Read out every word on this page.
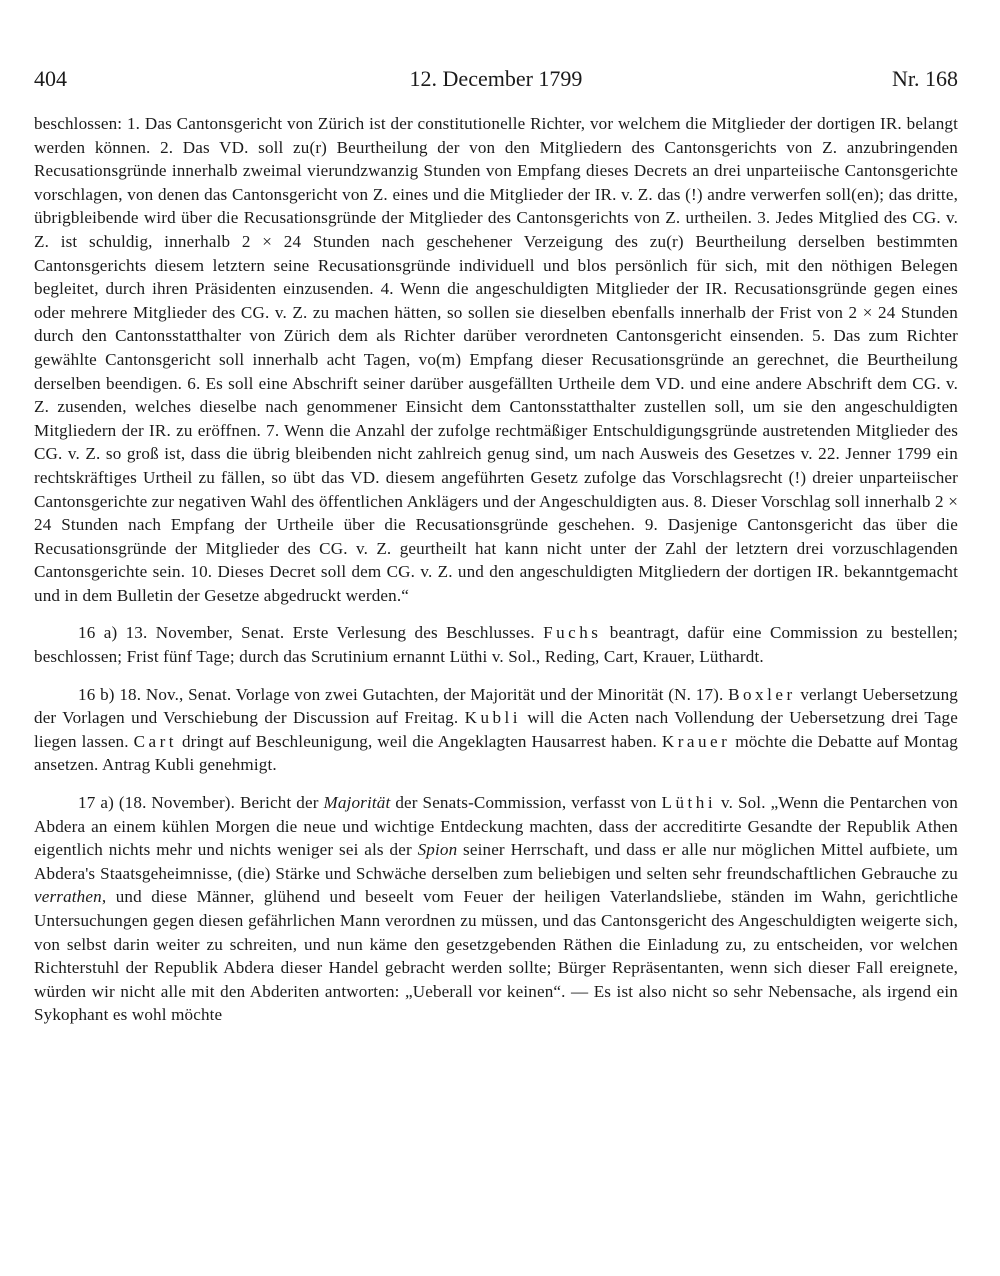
404	12. December 1799	Nr. 168

beschlossen: 1. Das Cantonsgericht von Zürich ist der constitutionelle Richter, vor welchem die Mitglieder der dortigen IR. belangt werden können. 2. Das VD. soll zu(r) Beurtheilung der von den Mitgliedern des Cantonsgerichts von Z. anzubringenden Recusationsgründe innerhalb zweimal vierundzwanzig Stunden von Empfang dieses Decrets an drei unparteiische Cantonsgerichte vorschlagen, von denen das Cantonsgericht von Z. eines und die Mitglieder der IR. v. Z. das (!) andre verwerfen soll(en); das dritte, übrigbleibende wird über die Recusationsgründe der Mitglieder des Cantonsgerichts von Z. urtheilen. 3. Jedes Mitglied des CG. v. Z. ist schuldig, innerhalb 2 × 24 Stunden nach geschehener Verzeigung des zu(r) Beurtheilung derselben bestimmten Cantonsgerichts diesem letztern seine Recusationsgründe individuell und blos persönlich für sich, mit den nöthigen Belegen begleitet, durch ihren Präsidenten einzusenden. 4. Wenn die angeschuldigten Mitglieder der IR. Recusationsgründe gegen eines oder mehrere Mitglieder des CG. v. Z. zu machen hätten, so sollen sie dieselben ebenfalls innerhalb der Frist von 2 × 24 Stunden durch den Cantonsstatthalter von Zürich dem als Richter darüber verordneten Cantonsgericht einsenden. 5. Das zum Richter gewählte Cantonsgericht soll innerhalb acht Tagen, vo(m) Empfang dieser Recusationsgründe an gerechnet, die Beurtheilung derselben beendigen. 6. Es soll eine Abschrift seiner darüber ausgefällten Urtheile dem VD. und eine andere Abschrift dem CG. v. Z. zusenden, welches dieselbe nach genommener Einsicht dem Cantonsstatthalter zustellen soll, um sie den angeschuldigten Mitgliedern der IR. zu eröffnen. 7. Wenn die Anzahl der zufolge rechtmäßiger Entschuldigungsgründe austretenden Mitglieder des CG. v. Z. so groß ist, dass die übrig bleibenden nicht zahlreich genug sind, um nach Ausweis des Gesetzes v. 22. Jenner 1799 ein rechtskräftiges Urtheil zu fällen, so übt das VD. diesem angeführten Gesetz zufolge das Vorschlagsrecht (!) dreier unparteiischer Cantonsgerichte zur negativen Wahl des öffentlichen Anklägers und der Angeschuldigten aus. 8. Dieser Vorschlag soll innerhalb 2 × 24 Stunden nach Empfang der Urtheile über die Recusationsgründe geschehen. 9. Dasjenige Cantonsgericht das über die Recusationsgründe der Mitglieder des CG. v. Z. geurtheilt hat kann nicht unter der Zahl der letztern drei vorzuschlagenden Cantonsgerichte sein. 10. Dieses Decret soll dem CG. v. Z. und den angeschuldigten Mitgliedern der dortigen IR. bekanntgemacht und in dem Bulletin der Gesetze abgedruckt werden.“

16 a) 13. November, Senat. Erste Verlesung des Beschlusses. Fuchs beantragt, dafür eine Commission zu bestellen; beschlossen; Frist fünf Tage; durch das Scrutinium ernannt Lüthi v. Sol., Reding, Cart, Krauer, Lüthardt.

16 b) 18. Nov., Senat. Vorlage von zwei Gutachten, der Majorität und der Minorität (N. 17). Boxler verlangt Uebersetzung der Vorlagen und Verschiebung der Discussion auf Freitag. Kubli will die Acten nach Vollendung der Uebersetzung drei Tage liegen lassen. Cart dringt auf Beschleunigung, weil die Angeklagten Hausarrest haben. Krauer möchte die Debatte auf Montag ansetzen. Antrag Kubli genehmigt.

17 a) (18. November). Bericht der Majorität der Senats-Commission, verfasst von Lüthi v. Sol. „Wenn die Pentarchen von Abdera an einem kühlen Morgen die neue und wichtige Entdeckung machten, dass der accreditirte Gesandte der Republik Athen eigentlich nichts mehr und nichts weniger sei als der Spion seiner Herrschaft, und dass er alle nur möglichen Mittel aufbiete, um Abdera's Staatsgeheimnisse, (die) Stärke und Schwäche derselben zum beliebigen und selten sehr freundschaftlichen Gebrauche zu verrathen, und diese Männer, glühend und beseelt vom Feuer der heiligen Vaterlandsliebe, ständen im Wahn, gerichtliche Untersuchungen gegen diesen gefährlichen Mann verordnen zu müssen, und das Cantonsgericht des Angeschuldigten weigerte sich, von selbst darin weiter zu schreiten, und nun käme den gesetzgebenden Räthen die Einladung zu, zu entscheiden, vor welchen Richterstuhl der Republik Abdera dieser Handel gebracht werden sollte; Bürger Repräsentanten, wenn sich dieser Fall ereignete, würden wir nicht alle mit den Abderiten antworten: „Ueberall vor keinen“. — Es ist also nicht so sehr Nebensache, als irgend ein Sykophant es wohl möchte
